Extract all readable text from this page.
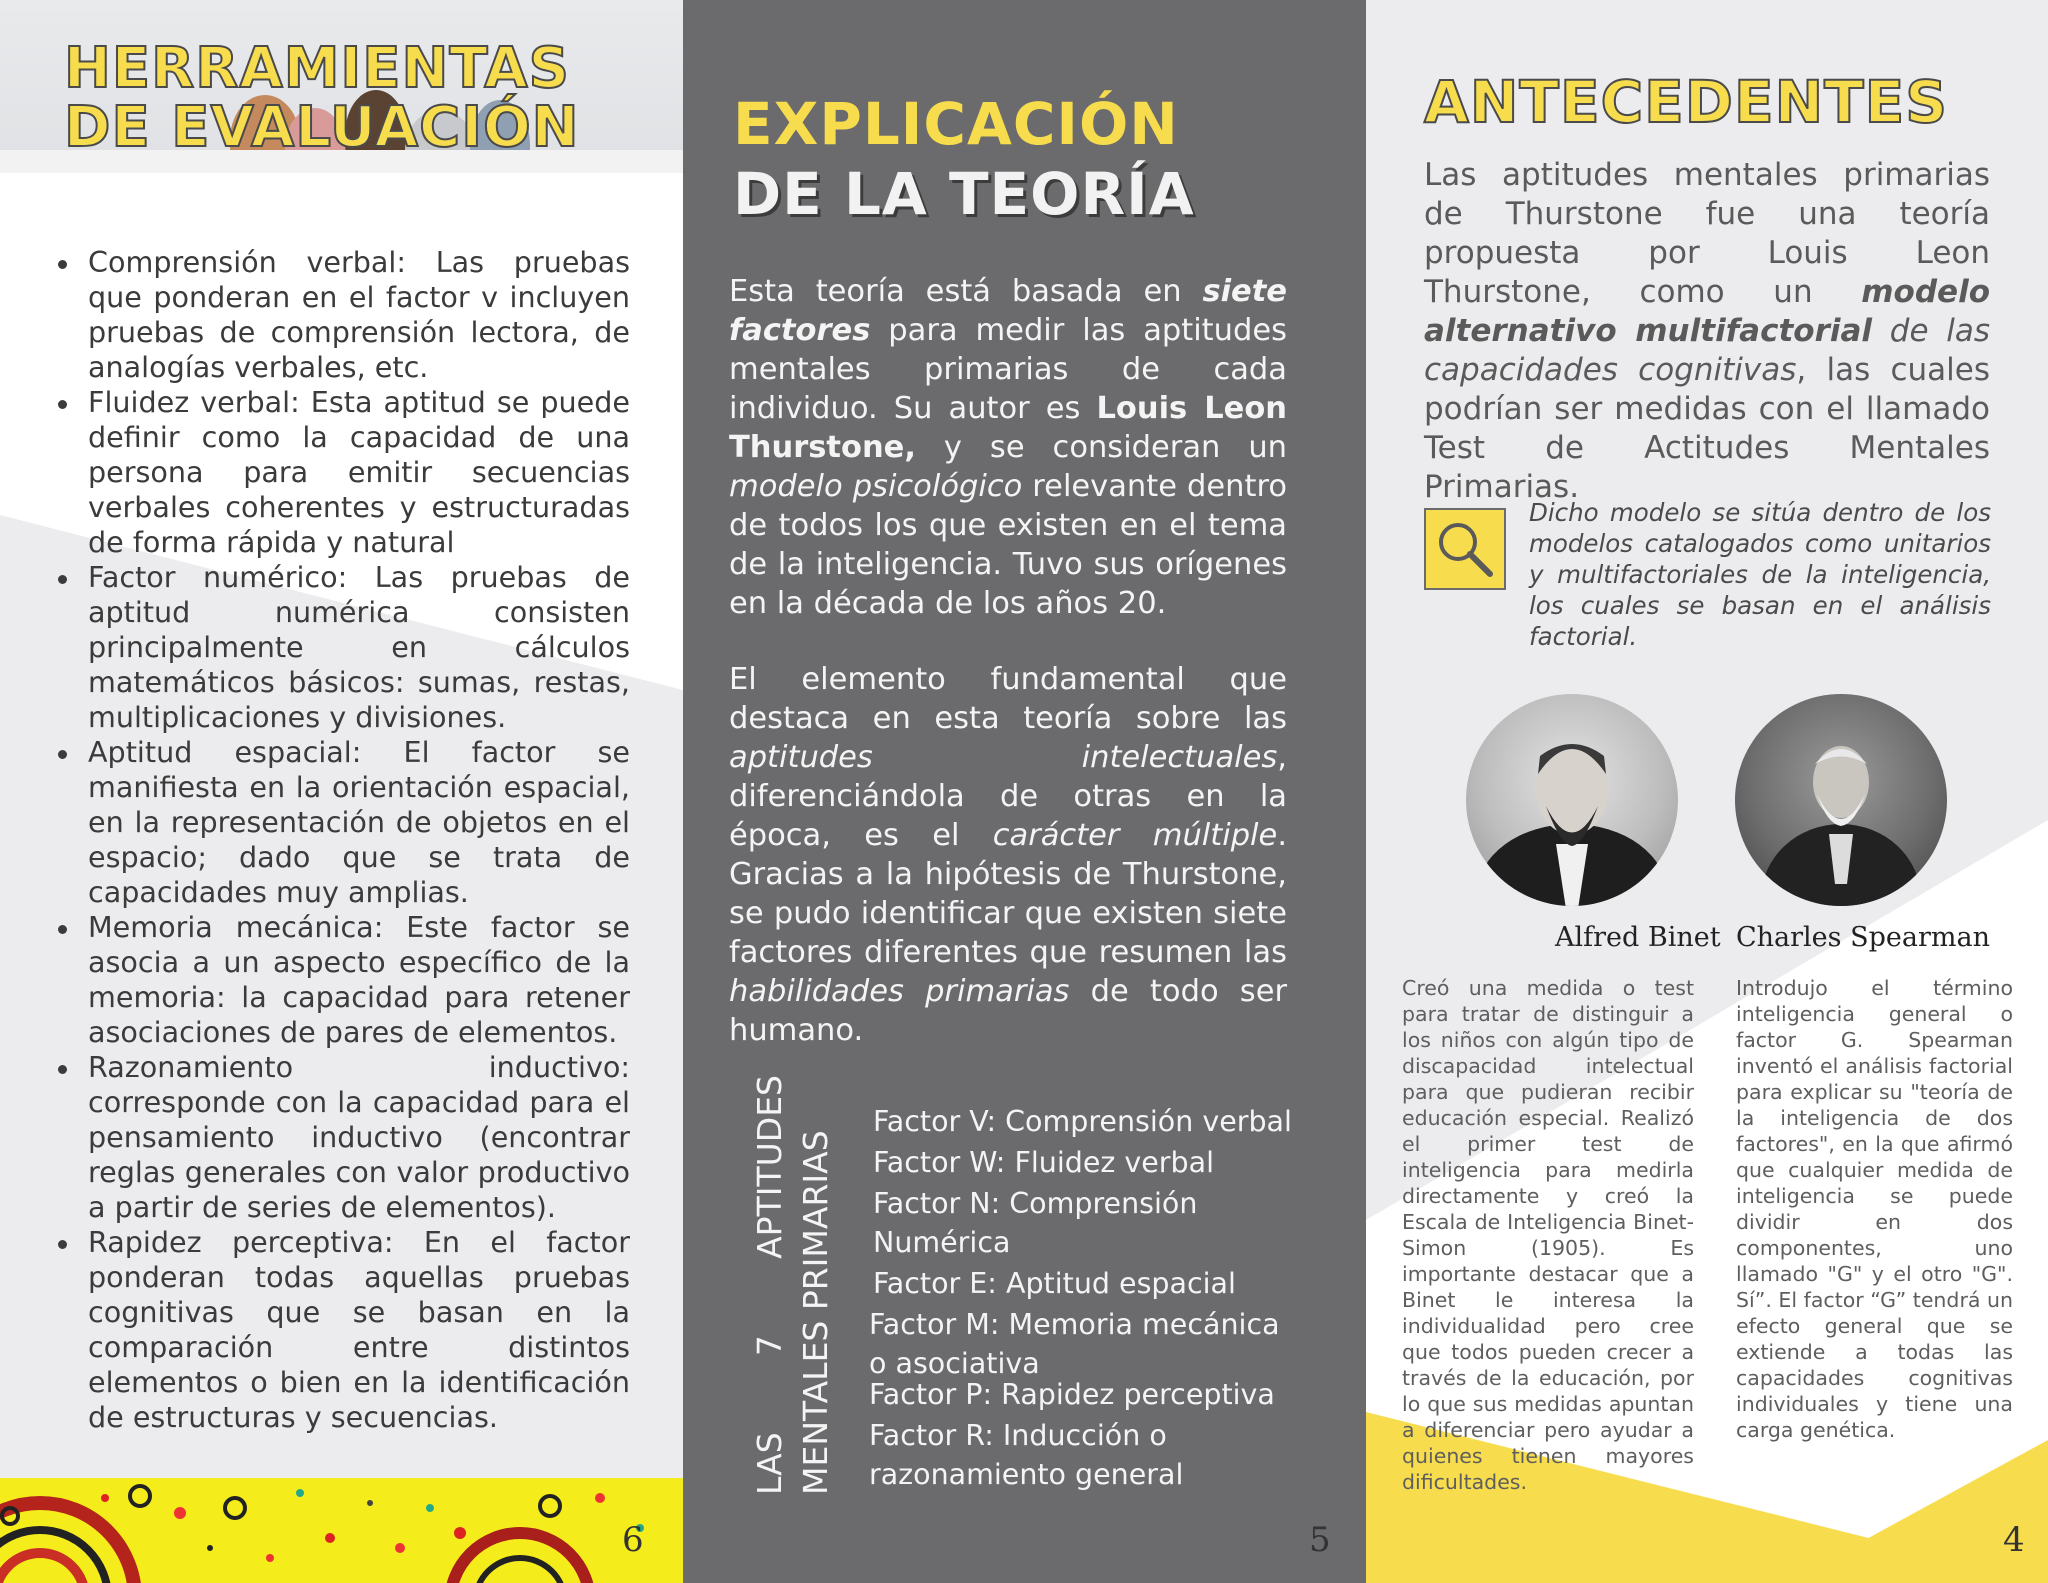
HERRAMIENTAS
DE EVALUACIÓN
Comprensión verbal: Las pruebas que ponderan en el factor v incluyen pruebas de comprensión lectora, de analogías verbales, etc.
Fluidez verbal: Esta aptitud se puede definir como la capacidad de una persona para emitir secuencias verbales coherentes y estructuradas de forma rápida y natural
Factor numérico: Las pruebas de aptitud numérica consisten principalmente en cálculos matemáticos básicos: sumas, restas, multiplicaciones y divisiones.
Aptitud espacial: El factor se manifiesta en la orientación espacial, en la representación de objetos en el espacio; dado que se trata de capacidades muy amplias.
Memoria mecánica: Este factor se asocia a un aspecto específico de la memoria: la capacidad para retener asociaciones de pares de elementos.
Razonamiento inductivo: corresponde con la capacidad para el pensamiento inductivo (encontrar reglas generales con valor productivo a partir de series de elementos).
Rapidez perceptiva: En el factor ponderan todas aquellas pruebas cognitivas que se basan en la comparación entre distintos elementos o bien en la identificación de estructuras y secuencias.
6
EXPLICACIÓN
DE LA TEORÍA

Esta teoría está basada en siete factores para medir las aptitudes mentales primarias de cada individuo. Su autor es Louis Leon Thurstone, y se consideran un modelo psicológico relevante dentro de todos los que existen en el tema de la inteligencia. Tuvo sus orígenes en la década de los años 20.

El elemento fundamental que destaca en esta teoría sobre las aptitudes intelectuales, diferenciándola de otras en la época, es el carácter múltiple. Gracias a la hipótesis de Thurstone, se pudo identificar que existen siete factores diferentes que resumen las habilidades primarias de todo ser humano.

LAS 7 APTITUDES MENTALES PRIMARIAS
Factor V: Comprensión verbal
Factor W: Fluidez verbal
Factor N: Comprensión Numérica
Factor E: Aptitud espacial
Factor M: Memoria mecánica o asociativa
Factor P: Rapidez perceptiva
Factor R: Inducción o razonamiento general
5
ANTECEDENTES

Las aptitudes mentales primarias de Thurstone fue una teoría propuesta por Louis Leon Thurstone, como un modelo alternativo multifactorial de las capacidades cognitivas, las cuales podrían ser medidas con el llamado Test de Actitudes Mentales Primarias.

Dicho modelo se sitúa dentro de los modelos catalogados como unitarios y multifactoriales de la inteligencia, los cuales se basan en el análisis factorial.

Alfred Binet Charles Spearman

Creó una medida o test para tratar de distinguir a los niños con algún tipo de discapacidad intelectual para que pudieran recibir educación especial. Realizó el primer test de inteligencia para medirla directamente y creó la Escala de Inteligencia Binet-Simon (1905). Es importante destacar que a Binet le interesa la individualidad pero cree que todos pueden crecer a través de la educación, por lo que sus medidas apuntan a diferenciar pero ayudar a quienes tienen mayores dificultades.

Introdujo el término inteligencia general o factor G. Spearman inventó el análisis factorial para explicar su "teoría de la inteligencia de dos factores", en la que afirmó que cualquier medida de inteligencia se puede dividir en dos componentes, uno llamado "G" y el otro "G". Sí”. El factor “G” tendrá un efecto general que se extiende a todas las capacidades cognitivas individuales y tiene una carga genética.

4
